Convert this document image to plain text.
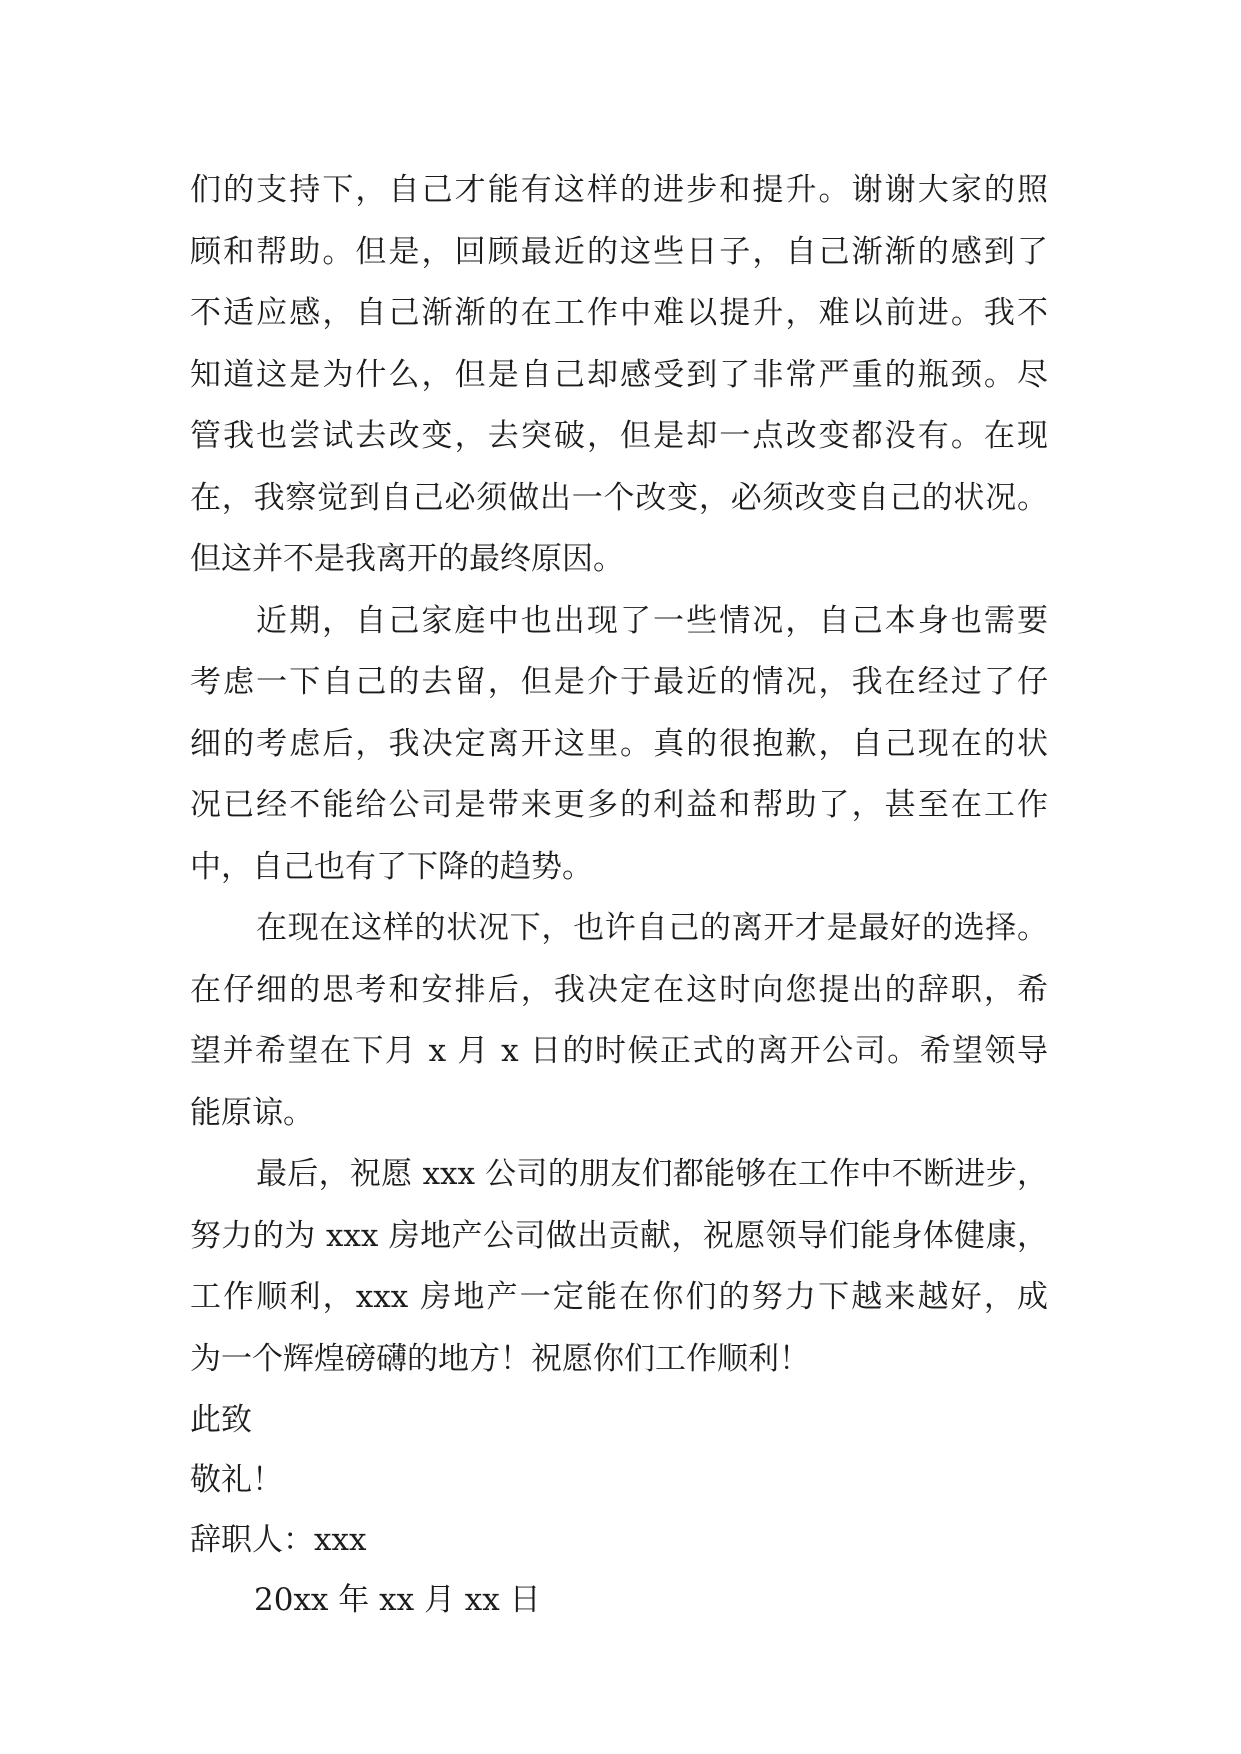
们的支持下，自己才能有这样的进步和提升。谢谢大家的照
顾和帮助。但是，回顾最近的这些日子，自己渐渐的感到了
不适应感，自己渐渐的在工作中难以提升，难以前进。我不
知道这是为什么，但是自己却感受到了非常严重的瓶颈。尽
管我也尝试去改变，去突破，但是却一点改变都没有。在现
在，我察觉到自己必须做出一个改变，必须改变自己的状况。
但这并不是我离开的最终原因。
近期，自己家庭中也出现了一些情况，自己本身也需要
考虑一下自己的去留，但是介于最近的情况，我在经过了仔
细的考虑后，我决定离开这里。真的很抱歉，自己现在的状
况已经不能给公司是带来更多的利益和帮助了，甚至在工作
中，自己也有了下降的趋势。
在现在这样的状况下，也许自己的离开才是最好的选择。
在仔细的思考和安排后，我决定在这时向您提出的辞职，希
望并希望在下月 x 月 x 日的时候正式的离开公司。希望领导
能原谅。
最后，祝愿 xxx 公司的朋友们都能够在工作中不断进步，
努力的为 xxx 房地产公司做出贡献，祝愿领导们能身体健康，
工作顺利，xxx 房地产一定能在你们的努力下越来越好，成
为一个辉煌磅礴的地方！祝愿你们工作顺利！
此致
敬礼！
辞职人：xxx
20xx 年 xx 月 xx 日
